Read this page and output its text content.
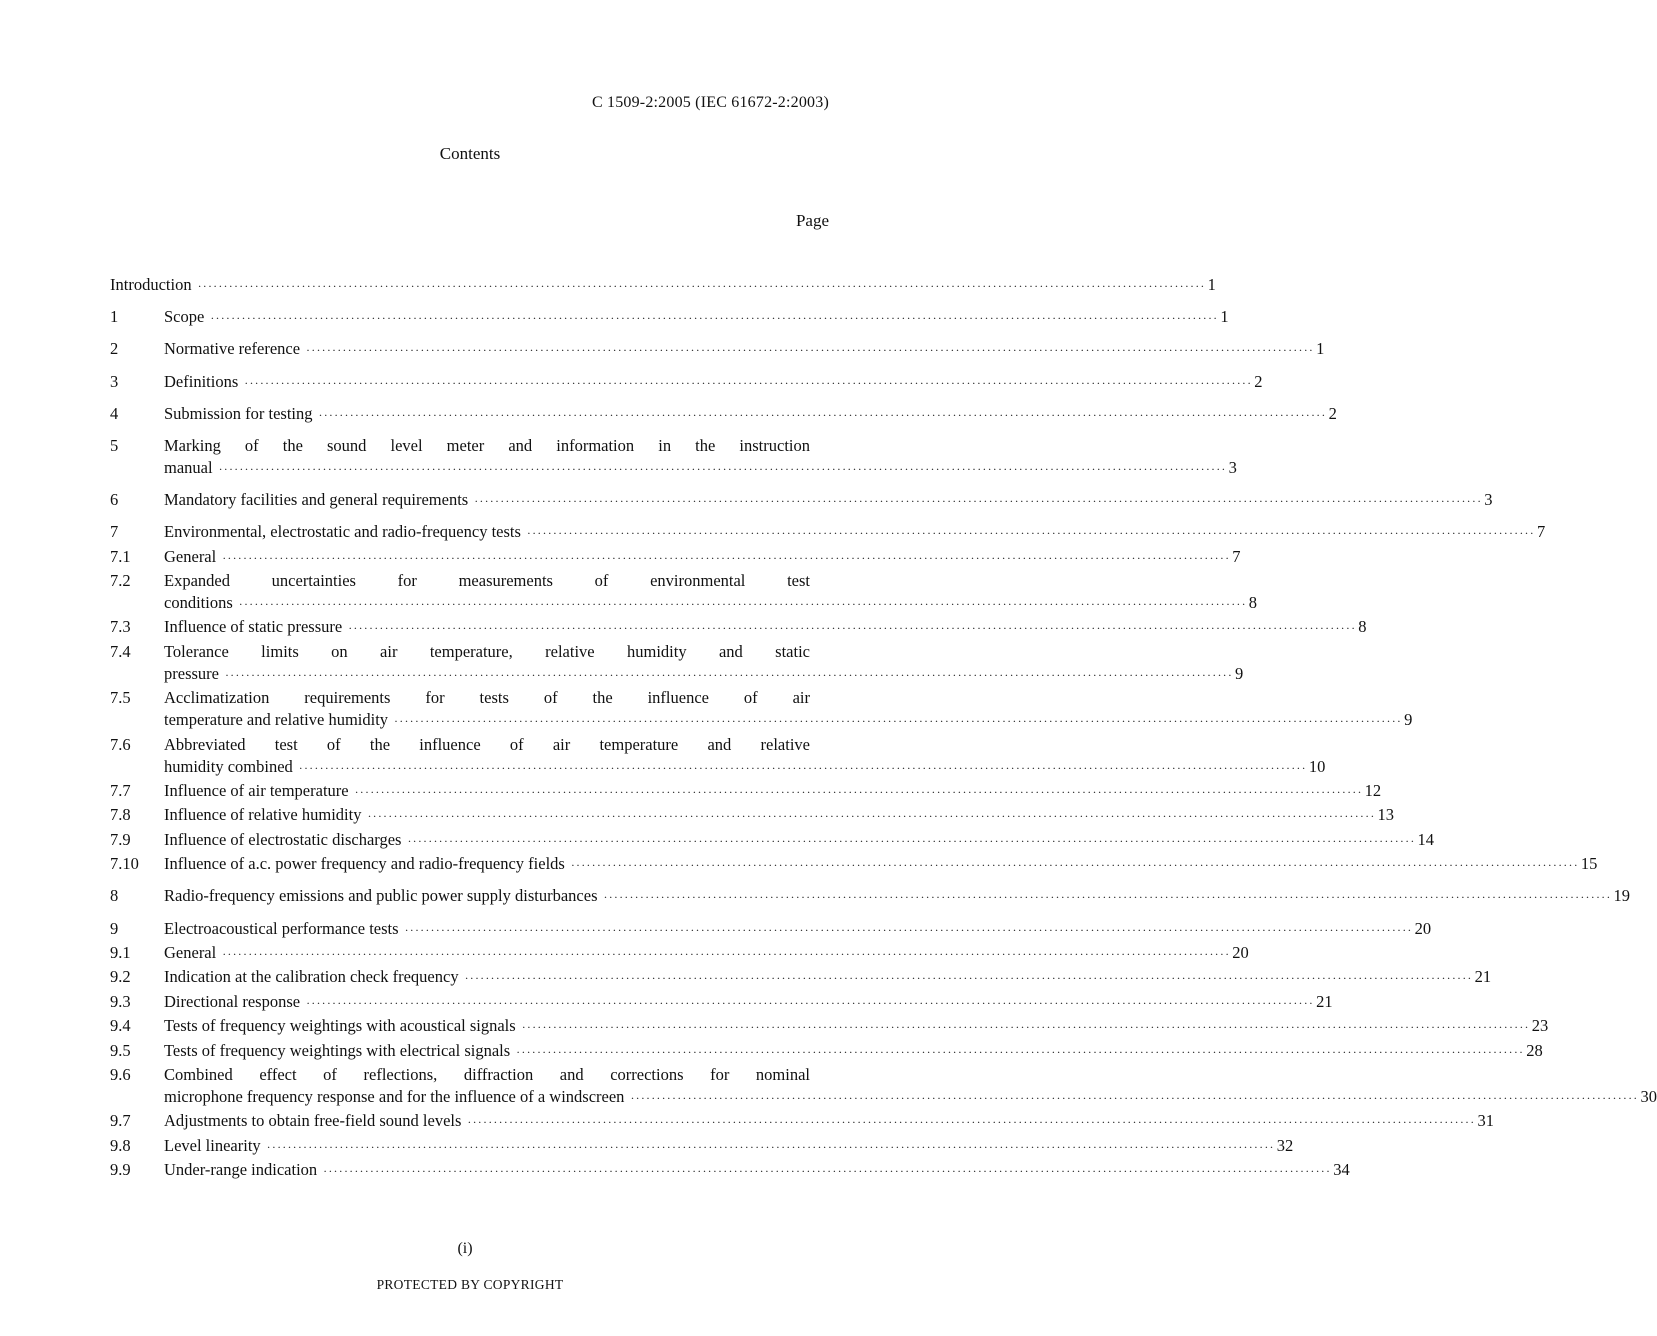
C 1509-2:2005 (IEC 61672-2:2003)
Contents
Page
Introduction ·····	1
1	Scope ·····	1
2	Normative reference ·····	1
3	Definitions ·····	2
4	Submission for testing ·····	2
5	Marking of the sound level meter and information in the instruction
manual ·····	3
6	Mandatory facilities and general requirements ·····	3
7	Environmental, electrostatic and radio-frequency tests ·····	7
7.1	General ·····	7
7.2	Expanded uncertainties for measurements of environmental test
conditions ·····	8
7.3	Influence of static pressure ·····	8
7.4	Tolerance limits on air temperature, relative humidity and static
pressure ·····	9
7.5	Acclimatization requirements for tests of the influence of air
temperature and relative humidity ·····	9
7.6	Abbreviated test of the influence of air temperature and relative
humidity combined ·····	10
7.7	Influence of air temperature ·····	12
7.8	Influence of relative humidity ·····	13
7.9	Influence of electrostatic discharges ·····	14
7.10	Influence of a.c. power frequency and radio-frequency fields ·····	15
8	Radio-frequency emissions and public power supply disturbances ·····	19
9	Electroacoustical performance tests ·····	20
9.1	General ·····	20
9.2	Indication at the calibration check frequency ·····	21
9.3	Directional response ·····	21
9.4	Tests of frequency weightings with acoustical signals ·····	23
9.5	Tests of frequency weightings with electrical signals ·····	28
9.6	Combined effect of reflections, diffraction and corrections for nominal
microphone frequency response and for the influence of a windscreen ·····	30
9.7	Adjustments to obtain free-field sound levels ·····	31
9.8	Level linearity ·····	32
9.9	Under-range indication ·····	34
(i)
PROTECTED BY COPYRIGHT
